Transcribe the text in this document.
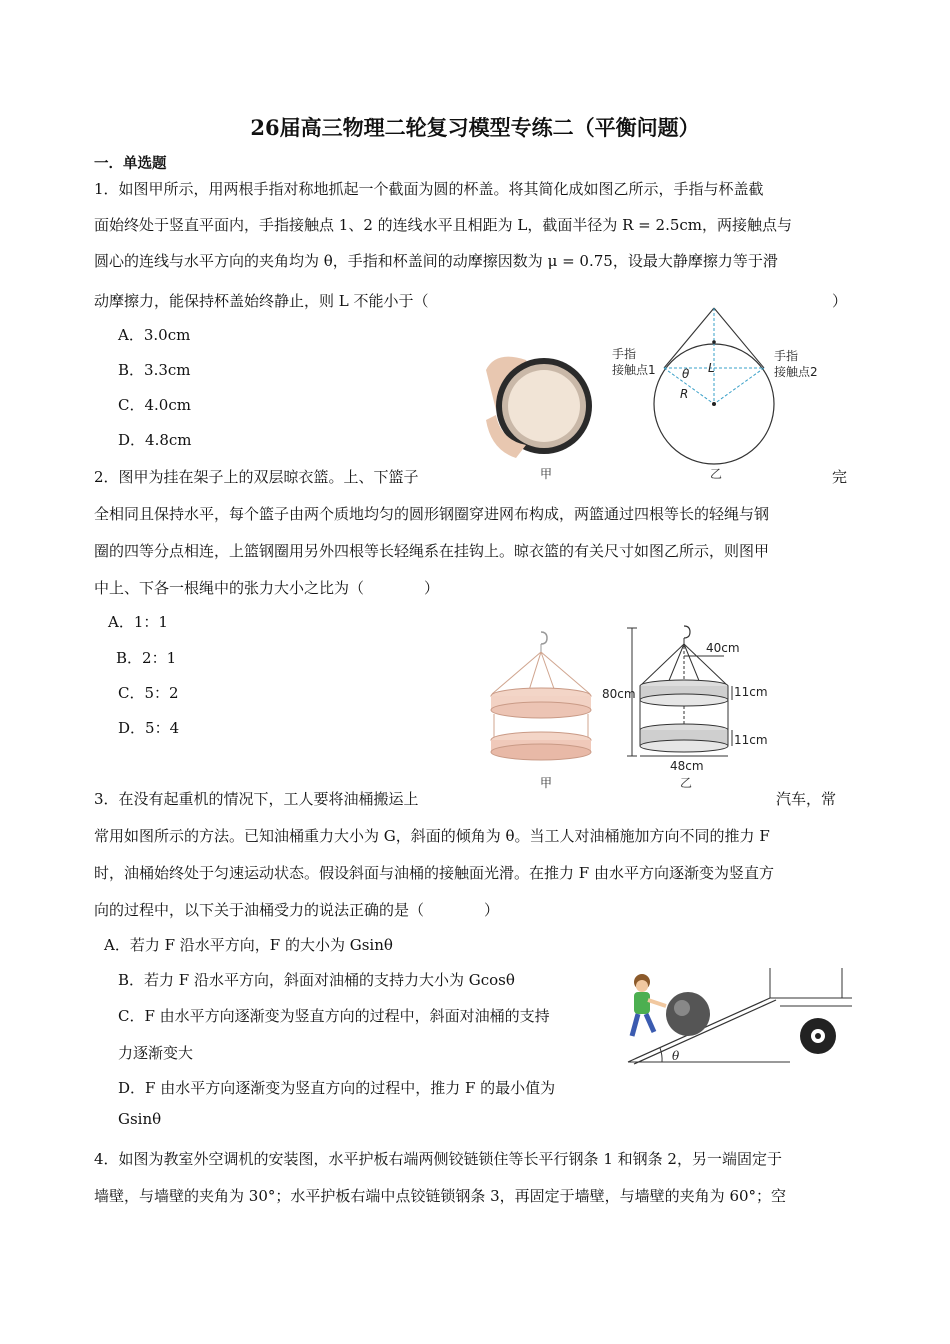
26届高三物理二轮复习模型专练二（平衡问题）
一．单选题
1．如图甲所示，用两根手指对称地抓起一个截面为圆的杯盖。将其简化成如图乙所示，手指与杯盖截
面始终处于竖直平面内，手指接触点 1、2 的连线水平且相距为 L，截面半径为 R = 2.5cm，两接触点与
圆心的连线与水平方向的夹角均为 θ，手指和杯盖间的动摩擦因数为 μ = 0.75，设最大静摩擦力等于滑
动摩擦力，能保持杯盖始终静止，则 L 不能小于（	）
A．3.0cm
B．3.3cm
C．4.0cm
D．4.8cm
甲
手指
接触点1
手指
接触点2
L
R
θ
乙
2．图甲为挂在架子上的双层晾衣篮。上、下篮子	完
全相同且保持水平，每个篮子由两个质地均匀的圆形钢圈穿进网布构成，两篮通过四根等长的轻绳与钢
圈的四等分点相连，上篮钢圈用另外四根等长轻绳系在挂钩上。晾衣篮的有关尺寸如图乙所示，则图甲
中上、下各一根绳中的张力大小之比为（　　　　）
A．1：1
B．2：1
C．5：2
D．5：4
甲
80cm
40cm
11cm
11cm
48cm
乙
3．在没有起重机的情况下，工人要将油桶搬运上	汽车，常
常用如图所示的方法。已知油桶重力大小为 G，斜面的倾角为 θ。当工人对油桶施加方向不同的推力 F
时，油桶始终处于匀速运动状态。假设斜面与油桶的接触面光滑。在推力 F 由水平方向逐渐变为竖直方
向的过程中，以下关于油桶受力的说法正确的是（　　　　）
A．若力 F 沿水平方向，F 的大小为 Gsinθ
B．若力 F 沿水平方向，斜面对油桶的支持力大小为 Gcosθ
C．F 由水平方向逐渐变为竖直方向的过程中，斜面对油桶的支持
力逐渐变大
D．F 由水平方向逐渐变为竖直方向的过程中，推力 F 的最小值为
Gsinθ
θ
4．如图为教室外空调机的安装图，水平护板右端两侧铰链锁住等长平行钢条 1 和钢条 2，另一端固定于
墙壁，与墙壁的夹角为 30°；水平护板右端中点铰链锁钢条 3，再固定于墙壁，与墙壁的夹角为 60°；空
